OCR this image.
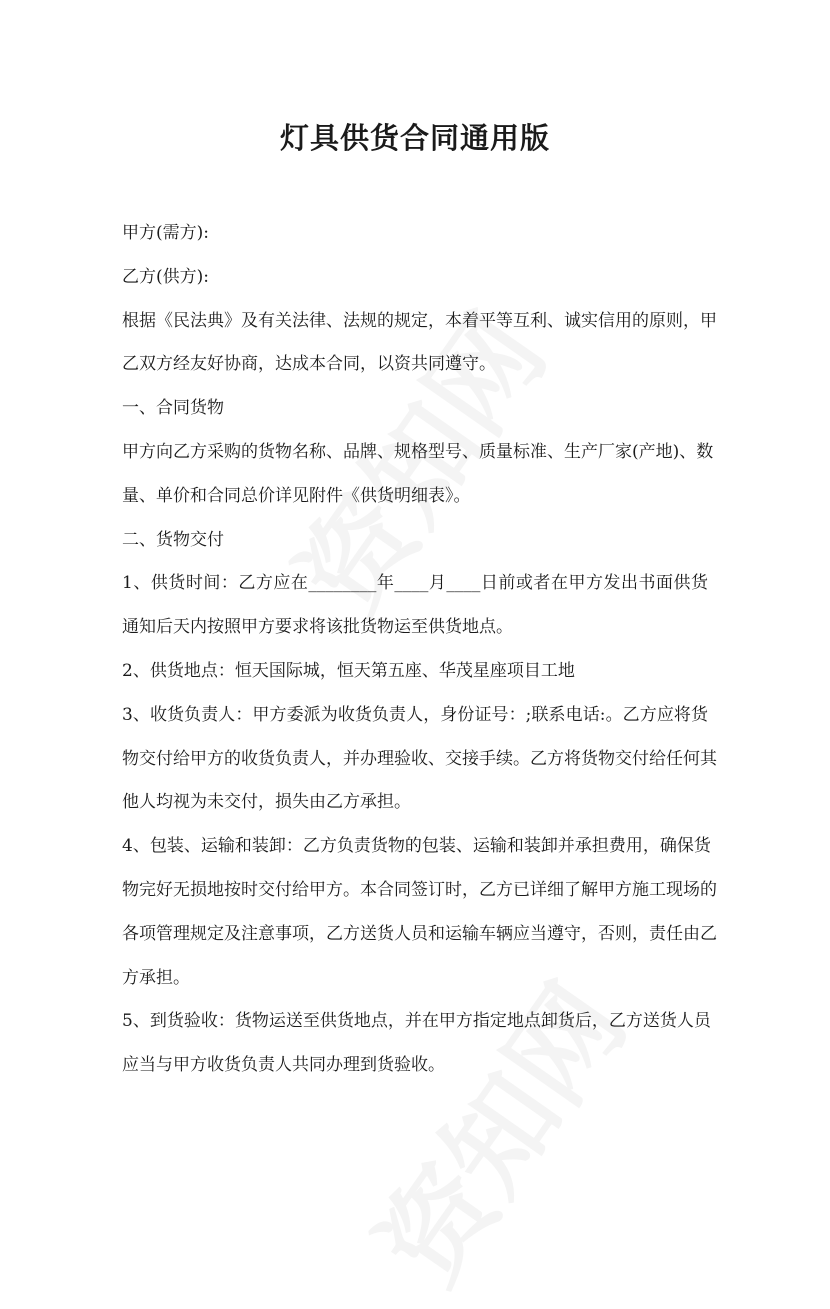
灯具供货合同通用版
甲方(需方):
乙方(供方):
根据《民法典》及有关法律、法规的规定，本着平等互利、诚实信用的原则，甲
乙双方经友好协商，达成本合同，以资共同遵守。
一、合同货物
甲方向乙方采购的货物名称、品牌、规格型号、质量标准、生产厂家(产地)、数
量、单价和合同总价详见附件《供货明细表》。
二、货物交付
1、供货时间：乙方应在________年____月____日前或者在甲方发出书面供货
通知后天内按照甲方要求将该批货物运至供货地点。
2、供货地点：恒天国际城，恒天第五座、华茂星座项目工地
3、收货负责人：甲方委派为收货负责人，身份证号：;联系电话:。乙方应将货
物交付给甲方的收货负责人，并办理验收、交接手续。乙方将货物交付给任何其
他人均视为未交付，损失由乙方承担。
4、包装、运输和装卸：乙方负责货物的包装、运输和装卸并承担费用，确保货
物完好无损地按时交付给甲方。本合同签订时，乙方已详细了解甲方施工现场的
各项管理规定及注意事项，乙方送货人员和运输车辆应当遵守，否则，责任由乙
方承担。
5、到货验收：货物运送至供货地点，并在甲方指定地点卸货后，乙方送货人员
应当与甲方收货负责人共同办理到货验收。
